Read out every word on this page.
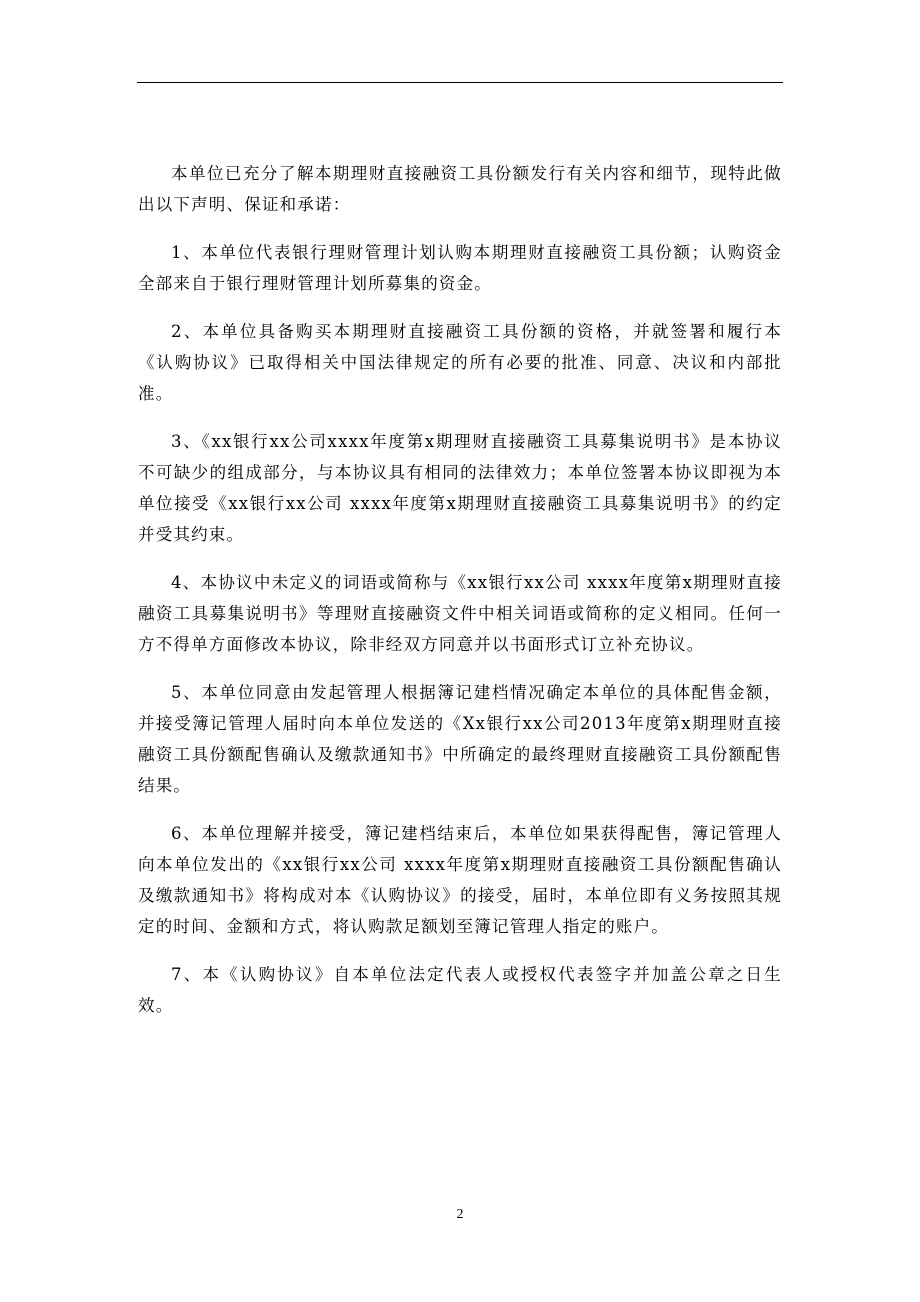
本单位已充分了解本期理财直接融资工具份额发行有关内容和细节，现特此做出以下声明、保证和承诺：

1、本单位代表银行理财管理计划认购本期理财直接融资工具份额；认购资金全部来自于银行理财管理计划所募集的资金。

2、本单位具备购买本期理财直接融资工具份额的资格，并就签署和履行本《认购协议》已取得相关中国法律规定的所有必要的批准、同意、决议和内部批准。

3、《xx银行xx公司xxxx年度第x期理财直接融资工具募集说明书》是本协议不可缺少的组成部分，与本协议具有相同的法律效力；本单位签署本协议即视为本单位接受《xx银行xx公司 xxxx年度第x期理财直接融资工具募集说明书》的约定并受其约束。

4、本协议中未定义的词语或简称与《xx银行xx公司 xxxx年度第x期理财直接融资工具募集说明书》等理财直接融资文件中相关词语或简称的定义相同。任何一方不得单方面修改本协议，除非经双方同意并以书面形式订立补充协议。

5、本单位同意由发起管理人根据簿记建档情况确定本单位的具体配售金额，并接受簿记管理人届时向本单位发送的《Xx银行xx公司2013年度第x期理财直接融资工具份额配售确认及缴款通知书》中所确定的最终理财直接融资工具份额配售结果。

6、本单位理解并接受，簿记建档结束后，本单位如果获得配售，簿记管理人向本单位发出的《xx银行xx公司 xxxx年度第x期理财直接融资工具份额配售确认及缴款通知书》将构成对本《认购协议》的接受，届时，本单位即有义务按照其规定的时间、金额和方式，将认购款足额划至簿记管理人指定的账户。

7、本《认购协议》自本单位法定代表人或授权代表签字并加盖公章之日生效。

2
